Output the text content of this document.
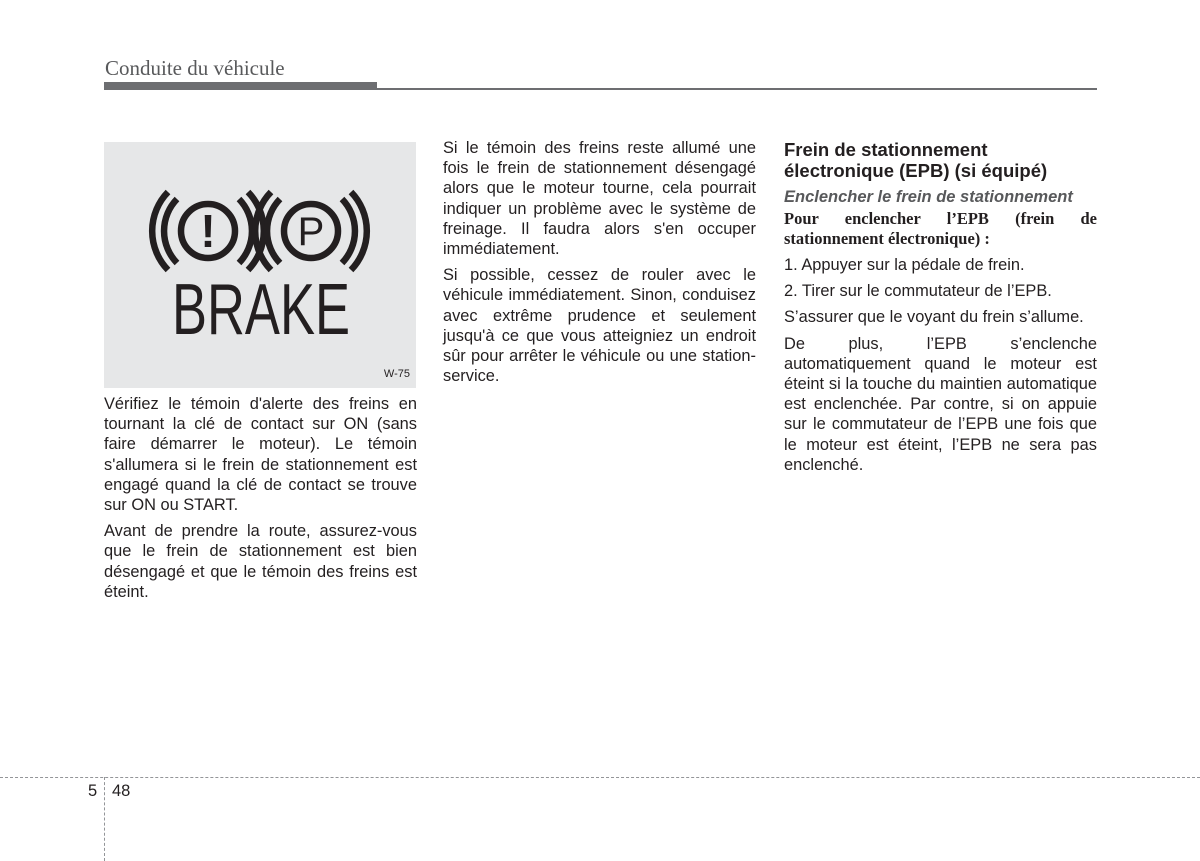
Conduite du véhicule
! P
BRAKE
W-75

Vérifiez le témoin d'alerte des freins en tournant la clé de contact sur ON (sans faire démarrer le moteur). Le témoin s'allumera si le frein de stationnement est engagé quand la clé de contact se trouve sur ON ou START.

Avant de prendre la route, assurez-vous que le frein de stationnement est bien désengagé et que le témoin des freins est éteint.

Si le témoin des freins reste allumé une fois le frein de stationnement désengagé alors que le moteur tourne, cela pourrait indiquer un problème avec le système de freinage. Il faudra alors s'en occuper immédiatement.

Si possible, cessez de rouler avec le véhicule immédiatement. Sinon, conduisez avec extrême prudence et seulement jusqu'à ce que vous atteigniez un endroit sûr pour arrêter le véhicule ou une station-service.

Frein de stationnement électronique (EPB) (si équipé)
Enclencher le frein de stationnement
Pour enclencher l’EPB (frein de stationnement électronique) :

1. Appuyer sur la pédale de frein.

2. Tirer sur le commutateur de l’EPB.

S’assurer que le voyant du frein s’allume.

De plus, l’EPB s’enclenche automatiquement quand le moteur est éteint si la touche du maintien automatique est enclenchée. Par contre, si on appuie sur le commutateur de l’EPB une fois que le moteur est éteint, l’EPB ne sera pas enclenché.

5 48
